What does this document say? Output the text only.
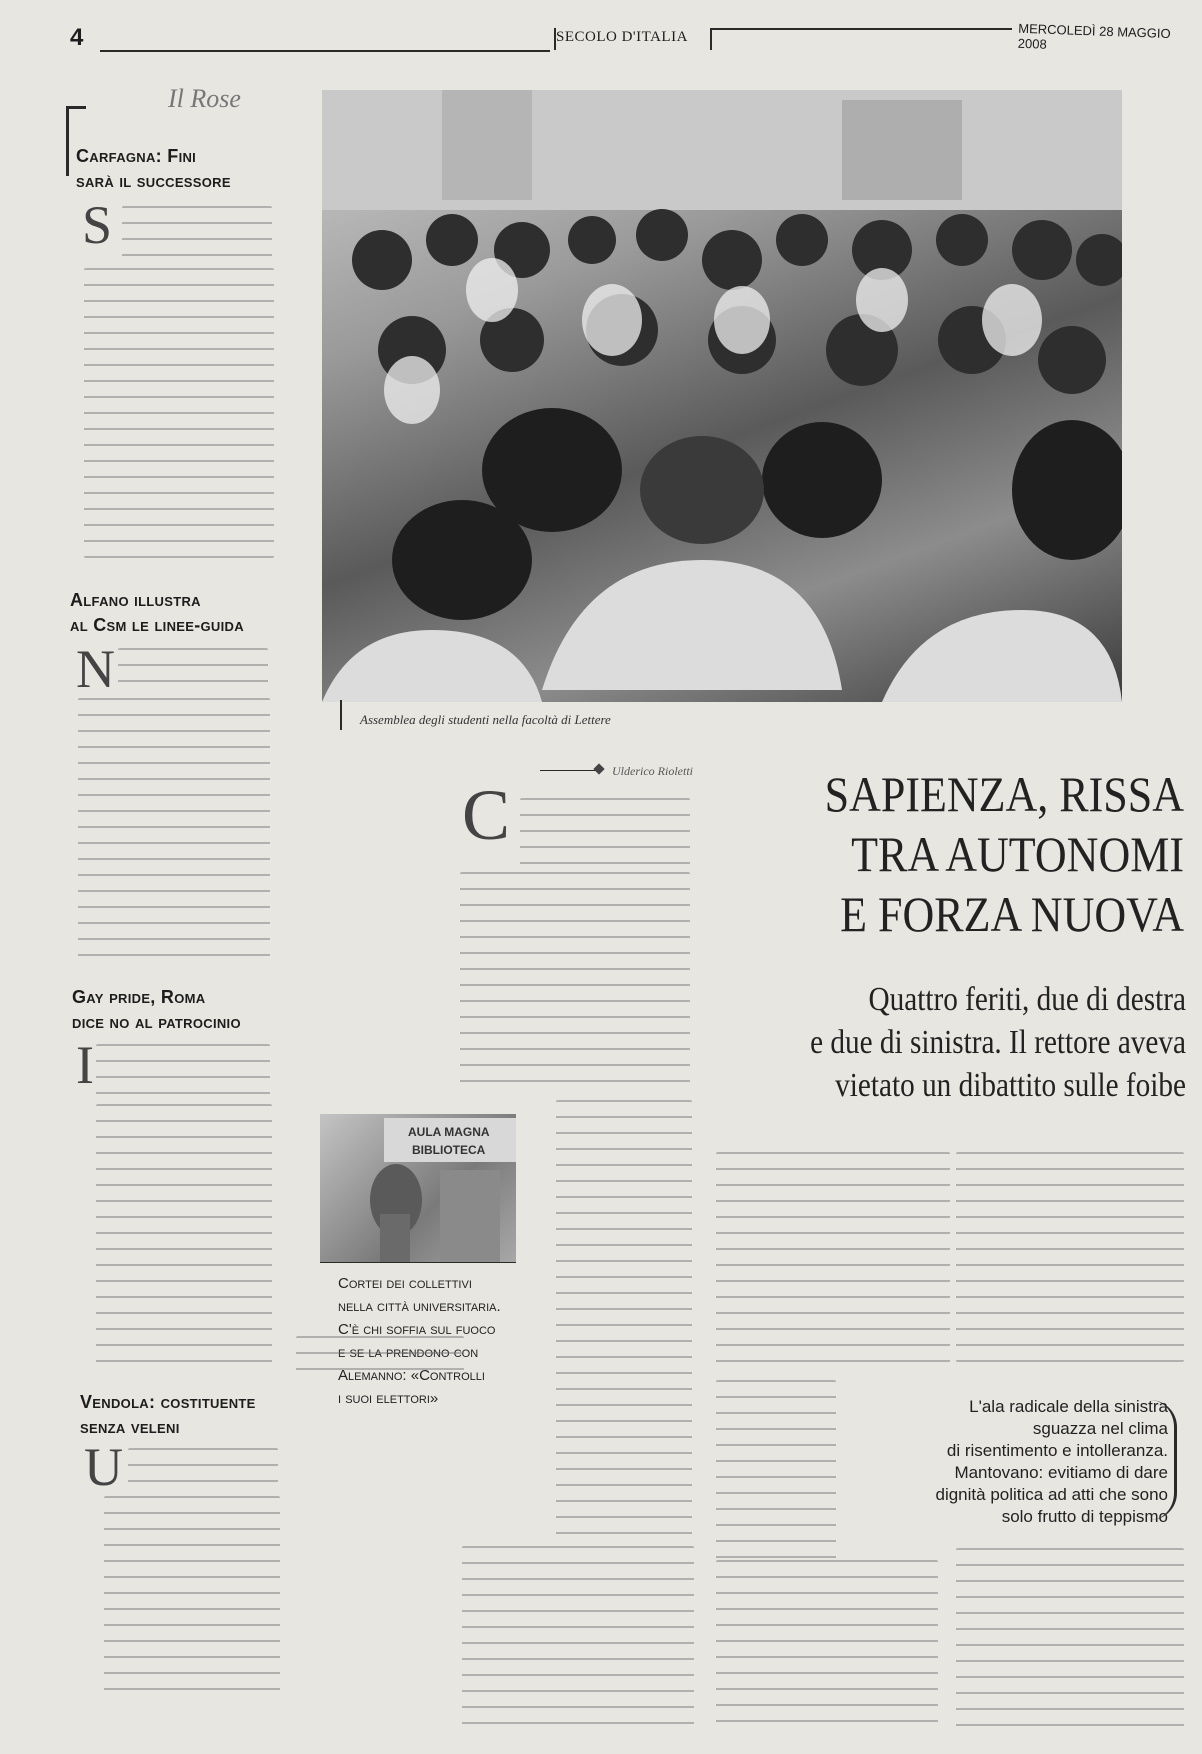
4	SECOLO D'ITALIA	MERCOLEDÌ 28 MAGGIO 2008
Il Rose
Carfagna: Fini
sarà il successore
S
Alfano illustra
al Csm le linee-guida
N
Gay pride, Roma
dice no al patrocinio
I
Vendola: costituente
senza veleni
U
Assemblea degli studenti nella facoltà di Lettere
Ulderico Rioletti
C	SAPIENZA, RISSA
TRA AUTONOMI
E FORZA NUOVA
Quattro feriti, due di destra
e due di sinistra. Il rettore aveva
vietato un dibattito sulle foibe
AULA MAGNA
BIBLIOTECA
Cortei dei collettivi
nella città universitaria.
C'è chi soffia sul fuoco
e se la prendono con
Alemanno: «Controlli
i suoi elettori»	L'ala radicale della sinistra
sguazza nel clima
di risentimento e intolleranza.
Mantovano: evitiamo di dare
dignità politica ad atti che sono
solo frutto di teppismo
